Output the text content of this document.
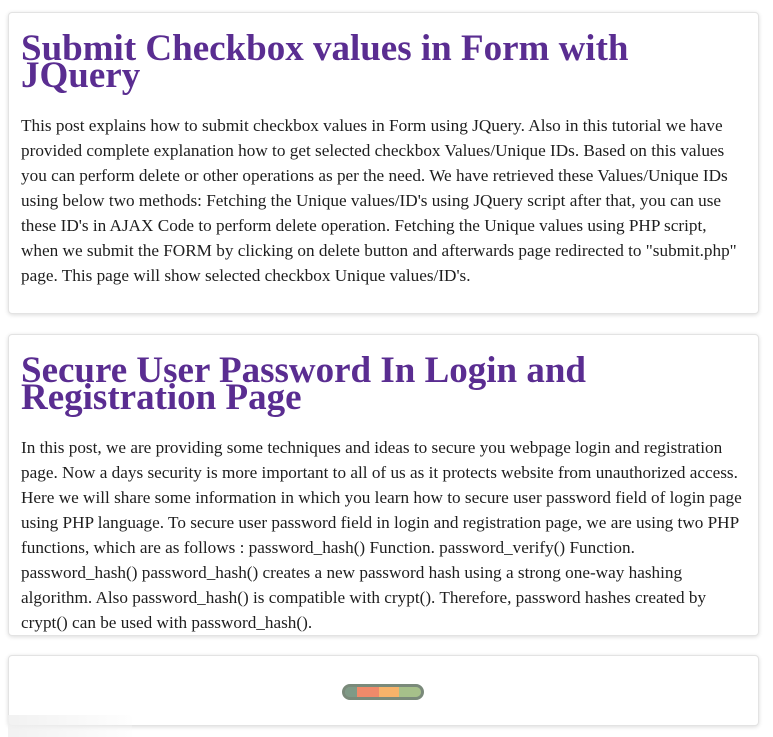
Submit Checkbox values in Form with JQuery

This post explains how to submit checkbox values in Form using JQuery. Also in this tutorial we have provided complete explanation how to get selected checkbox Values/Unique IDs. Based on this values you can perform delete or other operations as per the need. We have retrieved these Values/Unique IDs using below two methods: Fetching the Unique values/ID's using JQuery script after that, you can use these ID's in AJAX Code to perform delete operation. Fetching the Unique values using PHP script, when we submit the FORM by clicking on delete button and afterwards page redirected to "submit.php" page. This page will show selected checkbox Unique values/ID's.

Secure User Password In Login and Registration Page

In this post, we are providing some techniques and ideas to secure you webpage login and registration page. Now a days security is more important to all of us as it protects website from unauthorized access. Here we will share some information in which you learn how to secure user password field of login page using PHP language. To secure user password field in login and registration page, we are using two PHP functions, which are as follows : password_hash() Function. password_verify() Function. password_hash() password_hash() creates a new password hash using a strong one-way hashing algorithm. Also password_hash() is compatible with crypt(). Therefore, password hashes created by crypt() can be used with password_hash().
